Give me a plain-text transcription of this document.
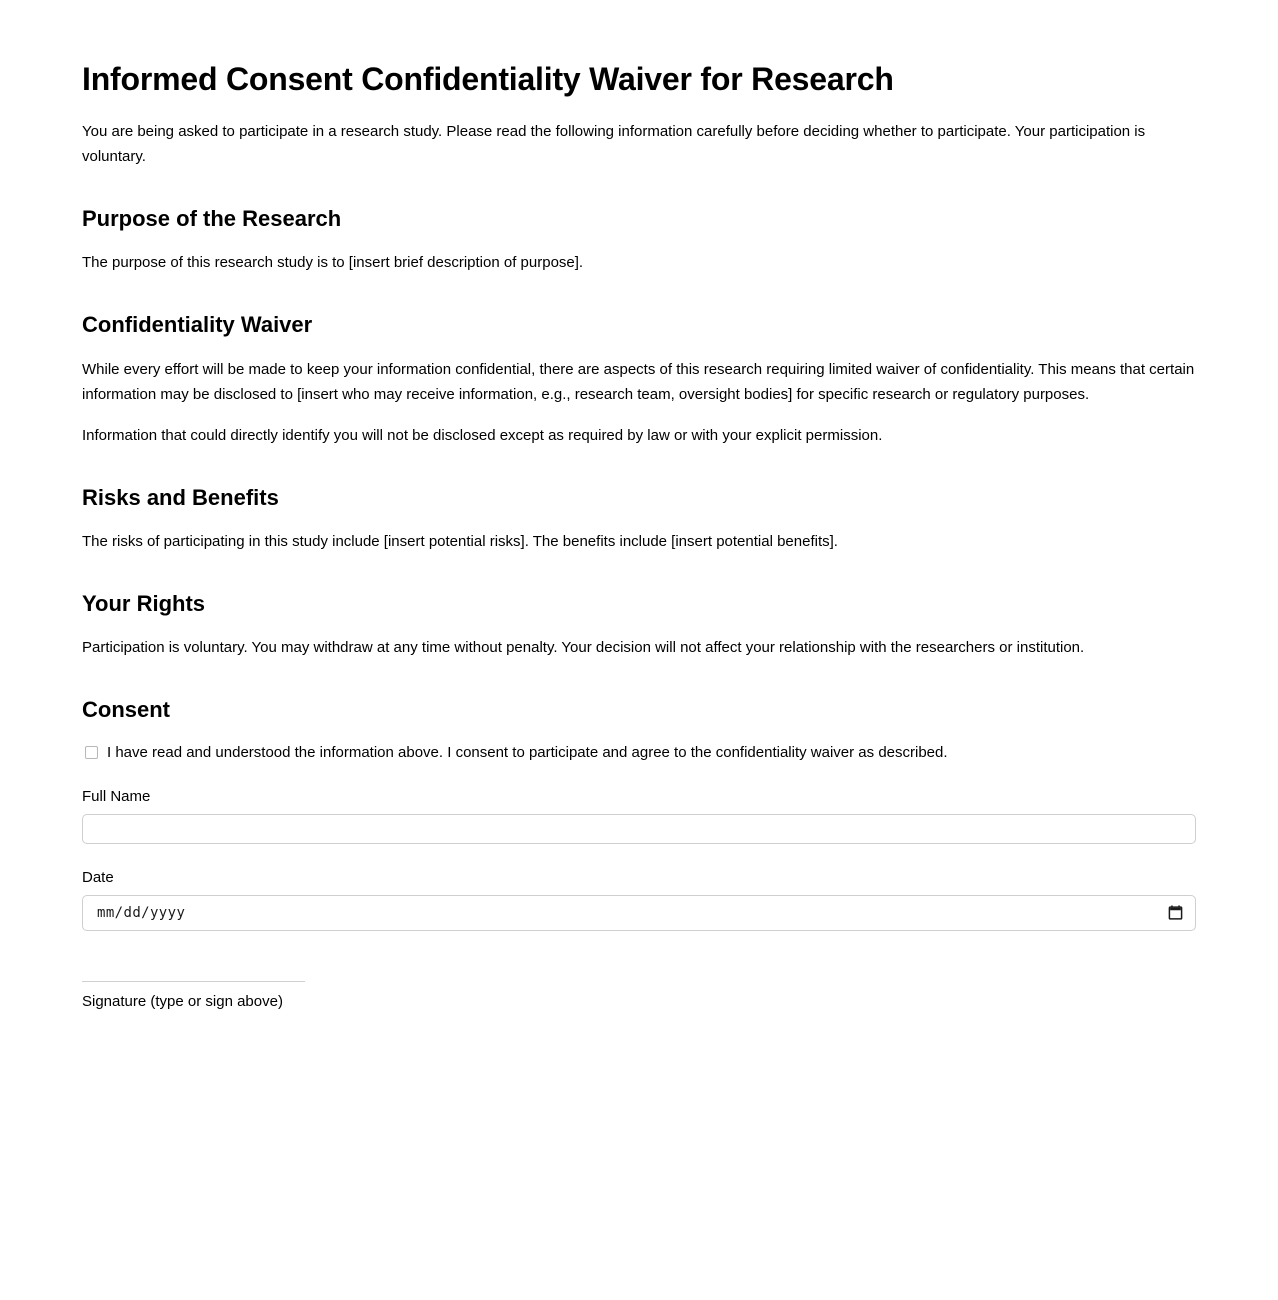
Informed Consent Confidentiality Waiver for Research

You are being asked to participate in a research study. Please read the following information carefully before deciding whether to participate. Your participation is voluntary.

Purpose of the Research

The purpose of this research study is to [insert brief description of purpose].

Confidentiality Waiver

While every effort will be made to keep your information confidential, there are aspects of this research requiring limited waiver of confidentiality. This means that certain information may be disclosed to [insert who may receive information, e.g., research team, oversight bodies] for specific research or regulatory purposes.

Information that could directly identify you will not be disclosed except as required by law or with your explicit permission.

Risks and Benefits

The risks of participating in this study include [insert potential risks]. The benefits include [insert potential benefits].

Your Rights

Participation is voluntary. You may withdraw at any time without penalty. Your decision will not affect your relationship with the researchers or institution.

Consent
I have read and understood the information above. I consent to participate and agree to the confidentiality waiver as described.
Full Name
Date
mm/dd/yyyy
Signature (type or sign above)
